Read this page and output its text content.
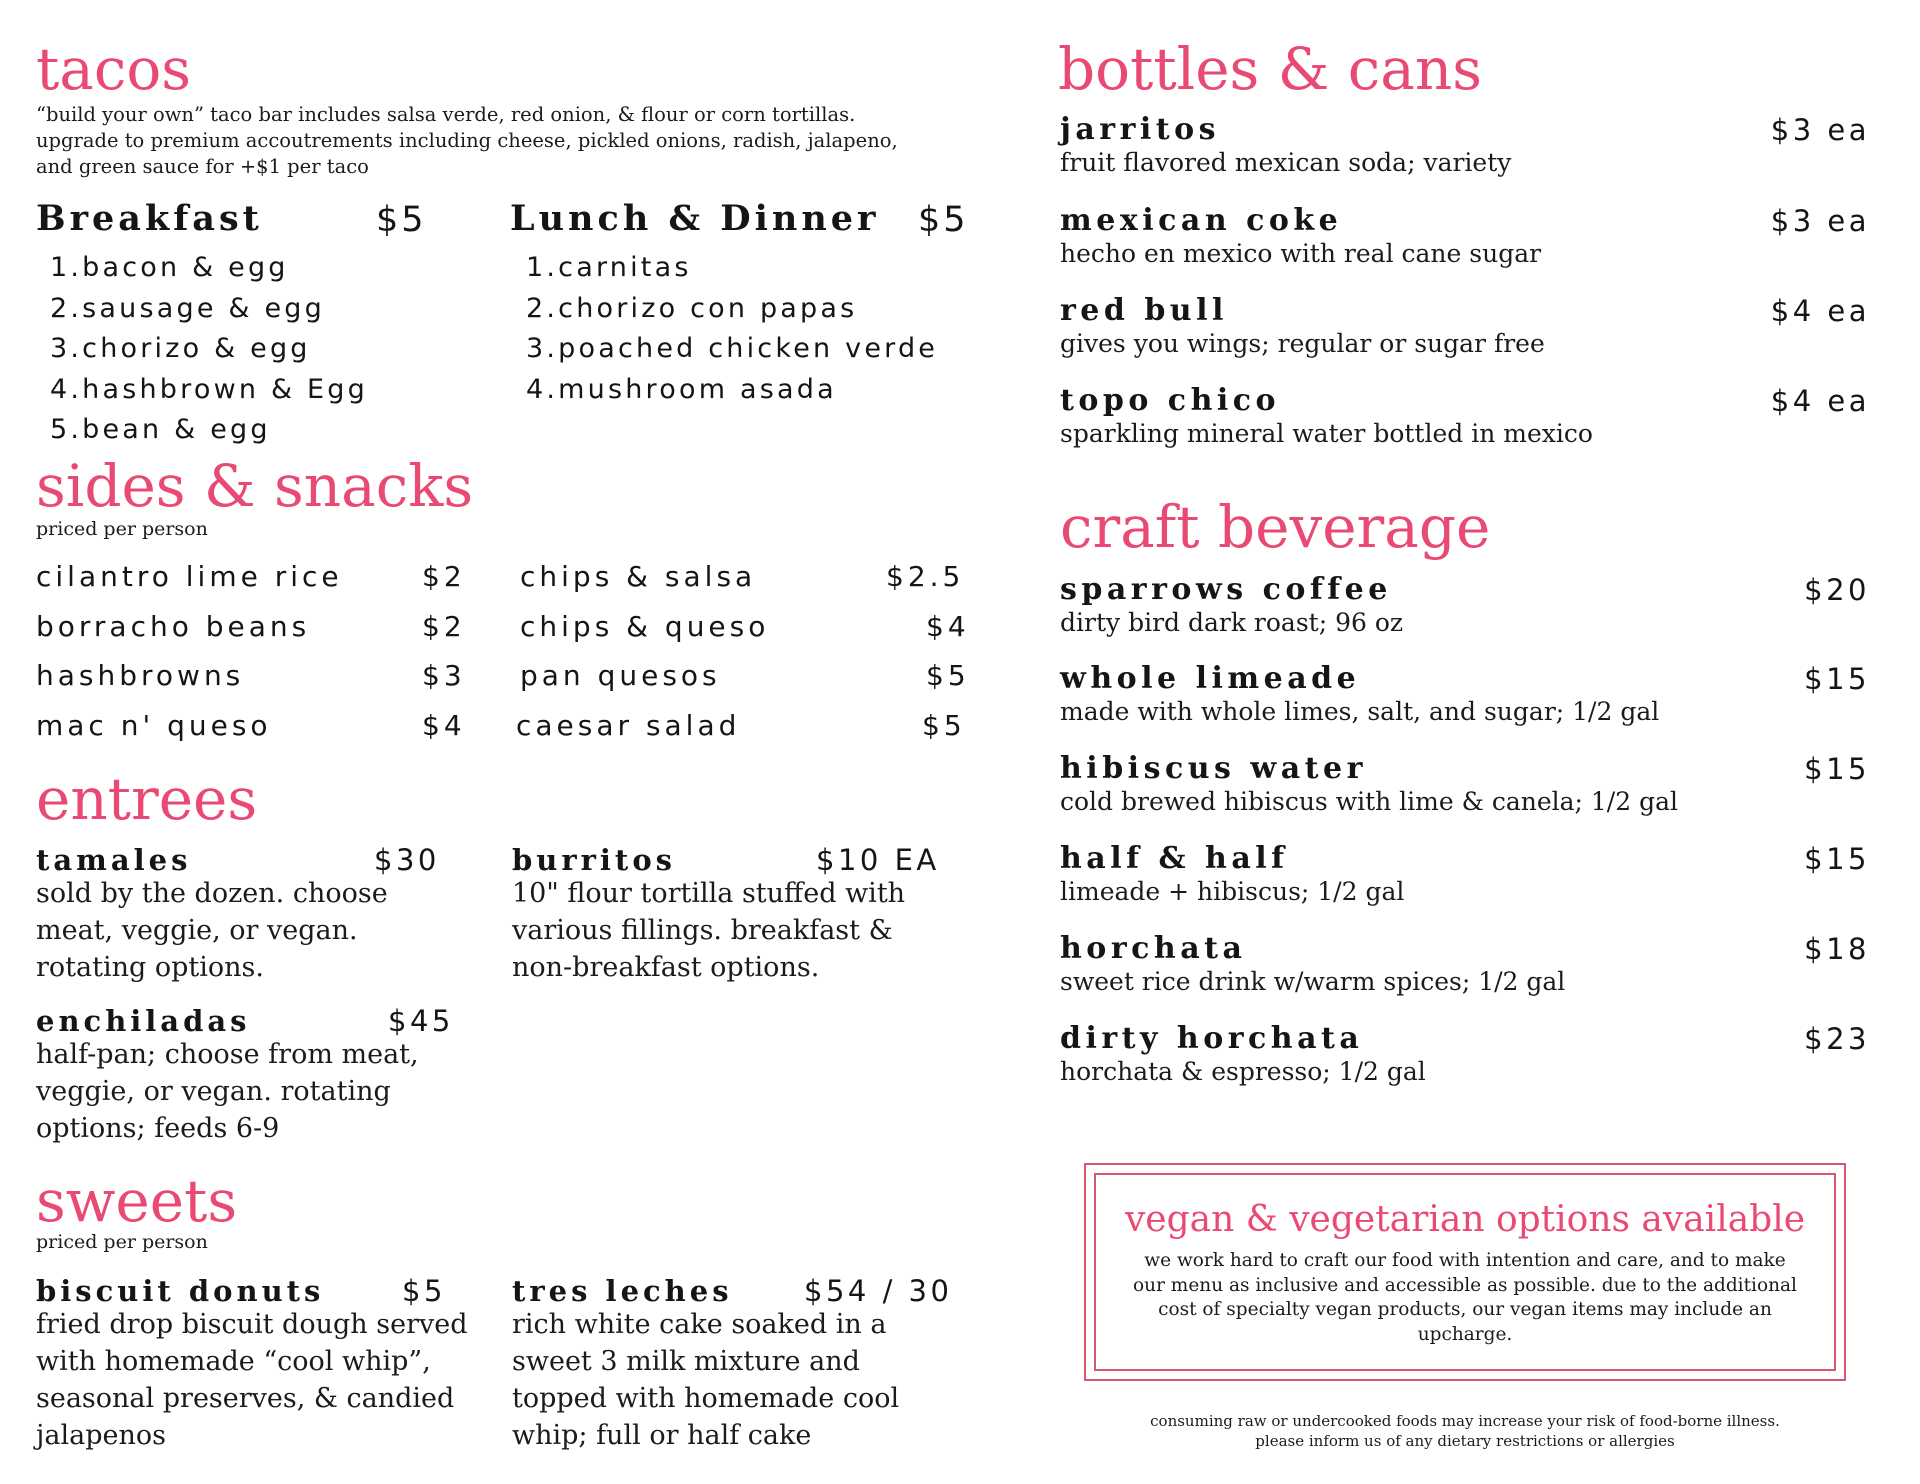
tacos

“build your own” taco bar includes salsa verde, red onion, & flour or corn tortillas. upgrade to premium accoutrements including cheese, pickled onions, radish, jalapeno, and green sauce for +$1 per taco

Breakfast	$5
1.bacon & egg
2.sausage & egg
3.chorizo & egg
4.hashbrown & Egg
5.bean & egg
Lunch & Dinner $5
1.carnitas
2.chorizo con papas
3.poached chicken verde
4.mushroom asada
sides & snacks
priced per person
cilantro lime rice	$2
borracho beans	$2
hashbrowns	$3
mac n' queso	$4
chips & salsa	$2.5
chips & queso	$4
pan quesos	$5
caesar salad	$5
entrees
tamales	$30
sold by the dozen. choose meat, veggie, or vegan. rotating options.
burritos	$10 EA
10" flour tortilla stuffed with various fillings. breakfast & non-breakfast options.
enchiladas	$45
half-pan; choose from meat, veggie, or vegan. rotating options; feeds 6-9
sweets
priced per person
biscuit donuts	$5
fried drop biscuit dough served with homemade “cool whip”, seasonal preserves, & candied jalapenos
tres leches $54 / 30
rich white cake soaked in a sweet 3 milk mixture and topped with homemade cool whip; full or half cake
bottles & cans
jarritos	$3 ea
fruit flavored mexican soda; variety
mexican coke	$3 ea
hecho en mexico with real cane sugar
red bull	$4 ea
gives you wings; regular or sugar free
topo chico	$4 ea
sparkling mineral water bottled in mexico
craft beverage
sparrows coffee	$20
dirty bird dark roast; 96 oz
whole limeade	$15
made with whole limes, salt, and sugar; 1/2 gal
hibiscus water	$15
cold brewed hibiscus with lime & canela; 1/2 gal
half & half	$15
limeade + hibiscus; 1/2 gal
horchata	$18
sweet rice drink w/warm spices; 1/2 gal
dirty horchata	$23
horchata & espresso; 1/2 gal
vegan & vegetarian options available
we work hard to craft our food with intention and care, and to make our menu as inclusive and accessible as possible. due to the additional cost of specialty vegan products, our vegan items may include an upcharge.
consuming raw or undercooked foods may increase your risk of food-borne illness.
please inform us of any dietary restrictions or allergies
